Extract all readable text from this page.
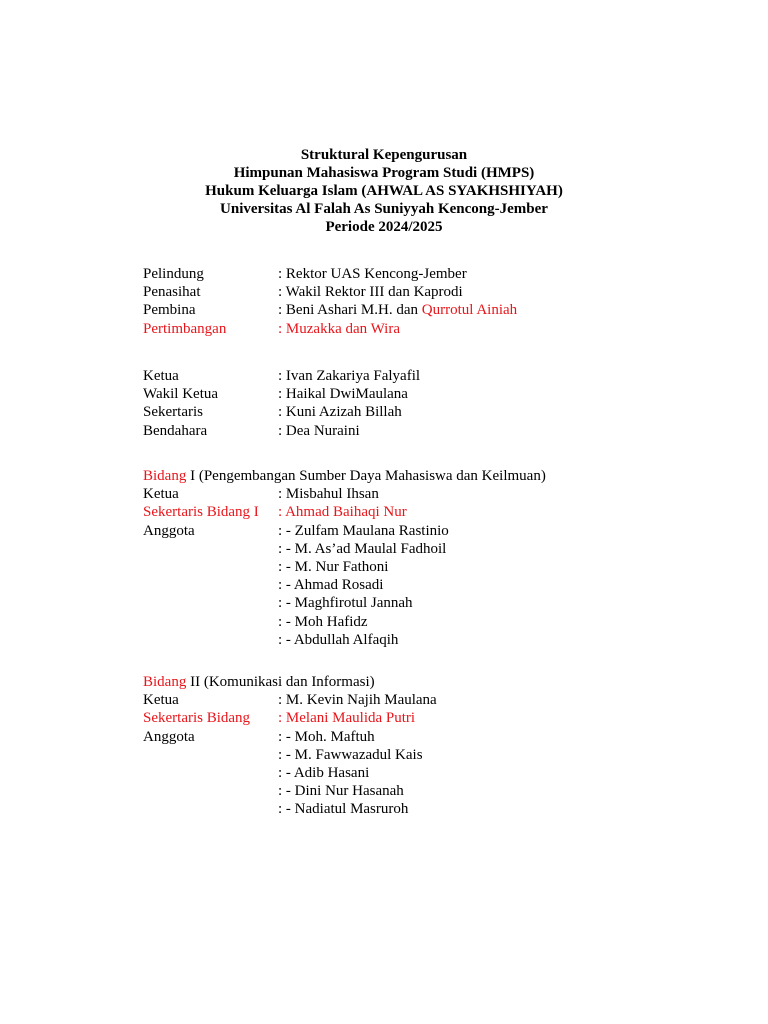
Struktural Kepengurusan
Himpunan Mahasiswa Program Studi (HMPS)
Hukum Keluarga Islam (AHWAL AS SYAKHSHIYAH)
Universitas Al Falah As Suniyyah Kencong-Jember
Periode 2024/2025
Pelindung	: Rektor UAS Kencong-Jember
Penasihat	: Wakil Rektor III dan Kaprodi
Pembina	: Beni Ashari M.H. dan Qurrotul Ainiah
Pertimbangan	: Muzakka dan Wira
Ketua	: Ivan Zakariya Falyafil
Wakil Ketua	: Haikal DwiMaulana
Sekertaris	: Kuni Azizah Billah
Bendahara	: Dea Nuraini
Bidang I (Pengembangan Sumber Daya Mahasiswa dan Keilmuan)
Ketua	: Misbahul Ihsan
Sekertaris Bidang I	: Ahmad Baihaqi Nur
Anggota	: - Zulfam Maulana Rastinio
: - M. As’ad Maulal Fadhoil
: - M. Nur Fathoni
: - Ahmad Rosadi
: - Maghfirotul Jannah
: - Moh Hafidz
: - Abdullah Alfaqih
Bidang II (Komunikasi dan Informasi)
Ketua	: M. Kevin Najih Maulana
Sekertaris Bidang	: Melani Maulida Putri
Anggota	: - Moh. Maftuh
: - M. Fawwazadul Kais
: - Adib Hasani
: - Dini Nur Hasanah
: - Nadiatul Masruroh
